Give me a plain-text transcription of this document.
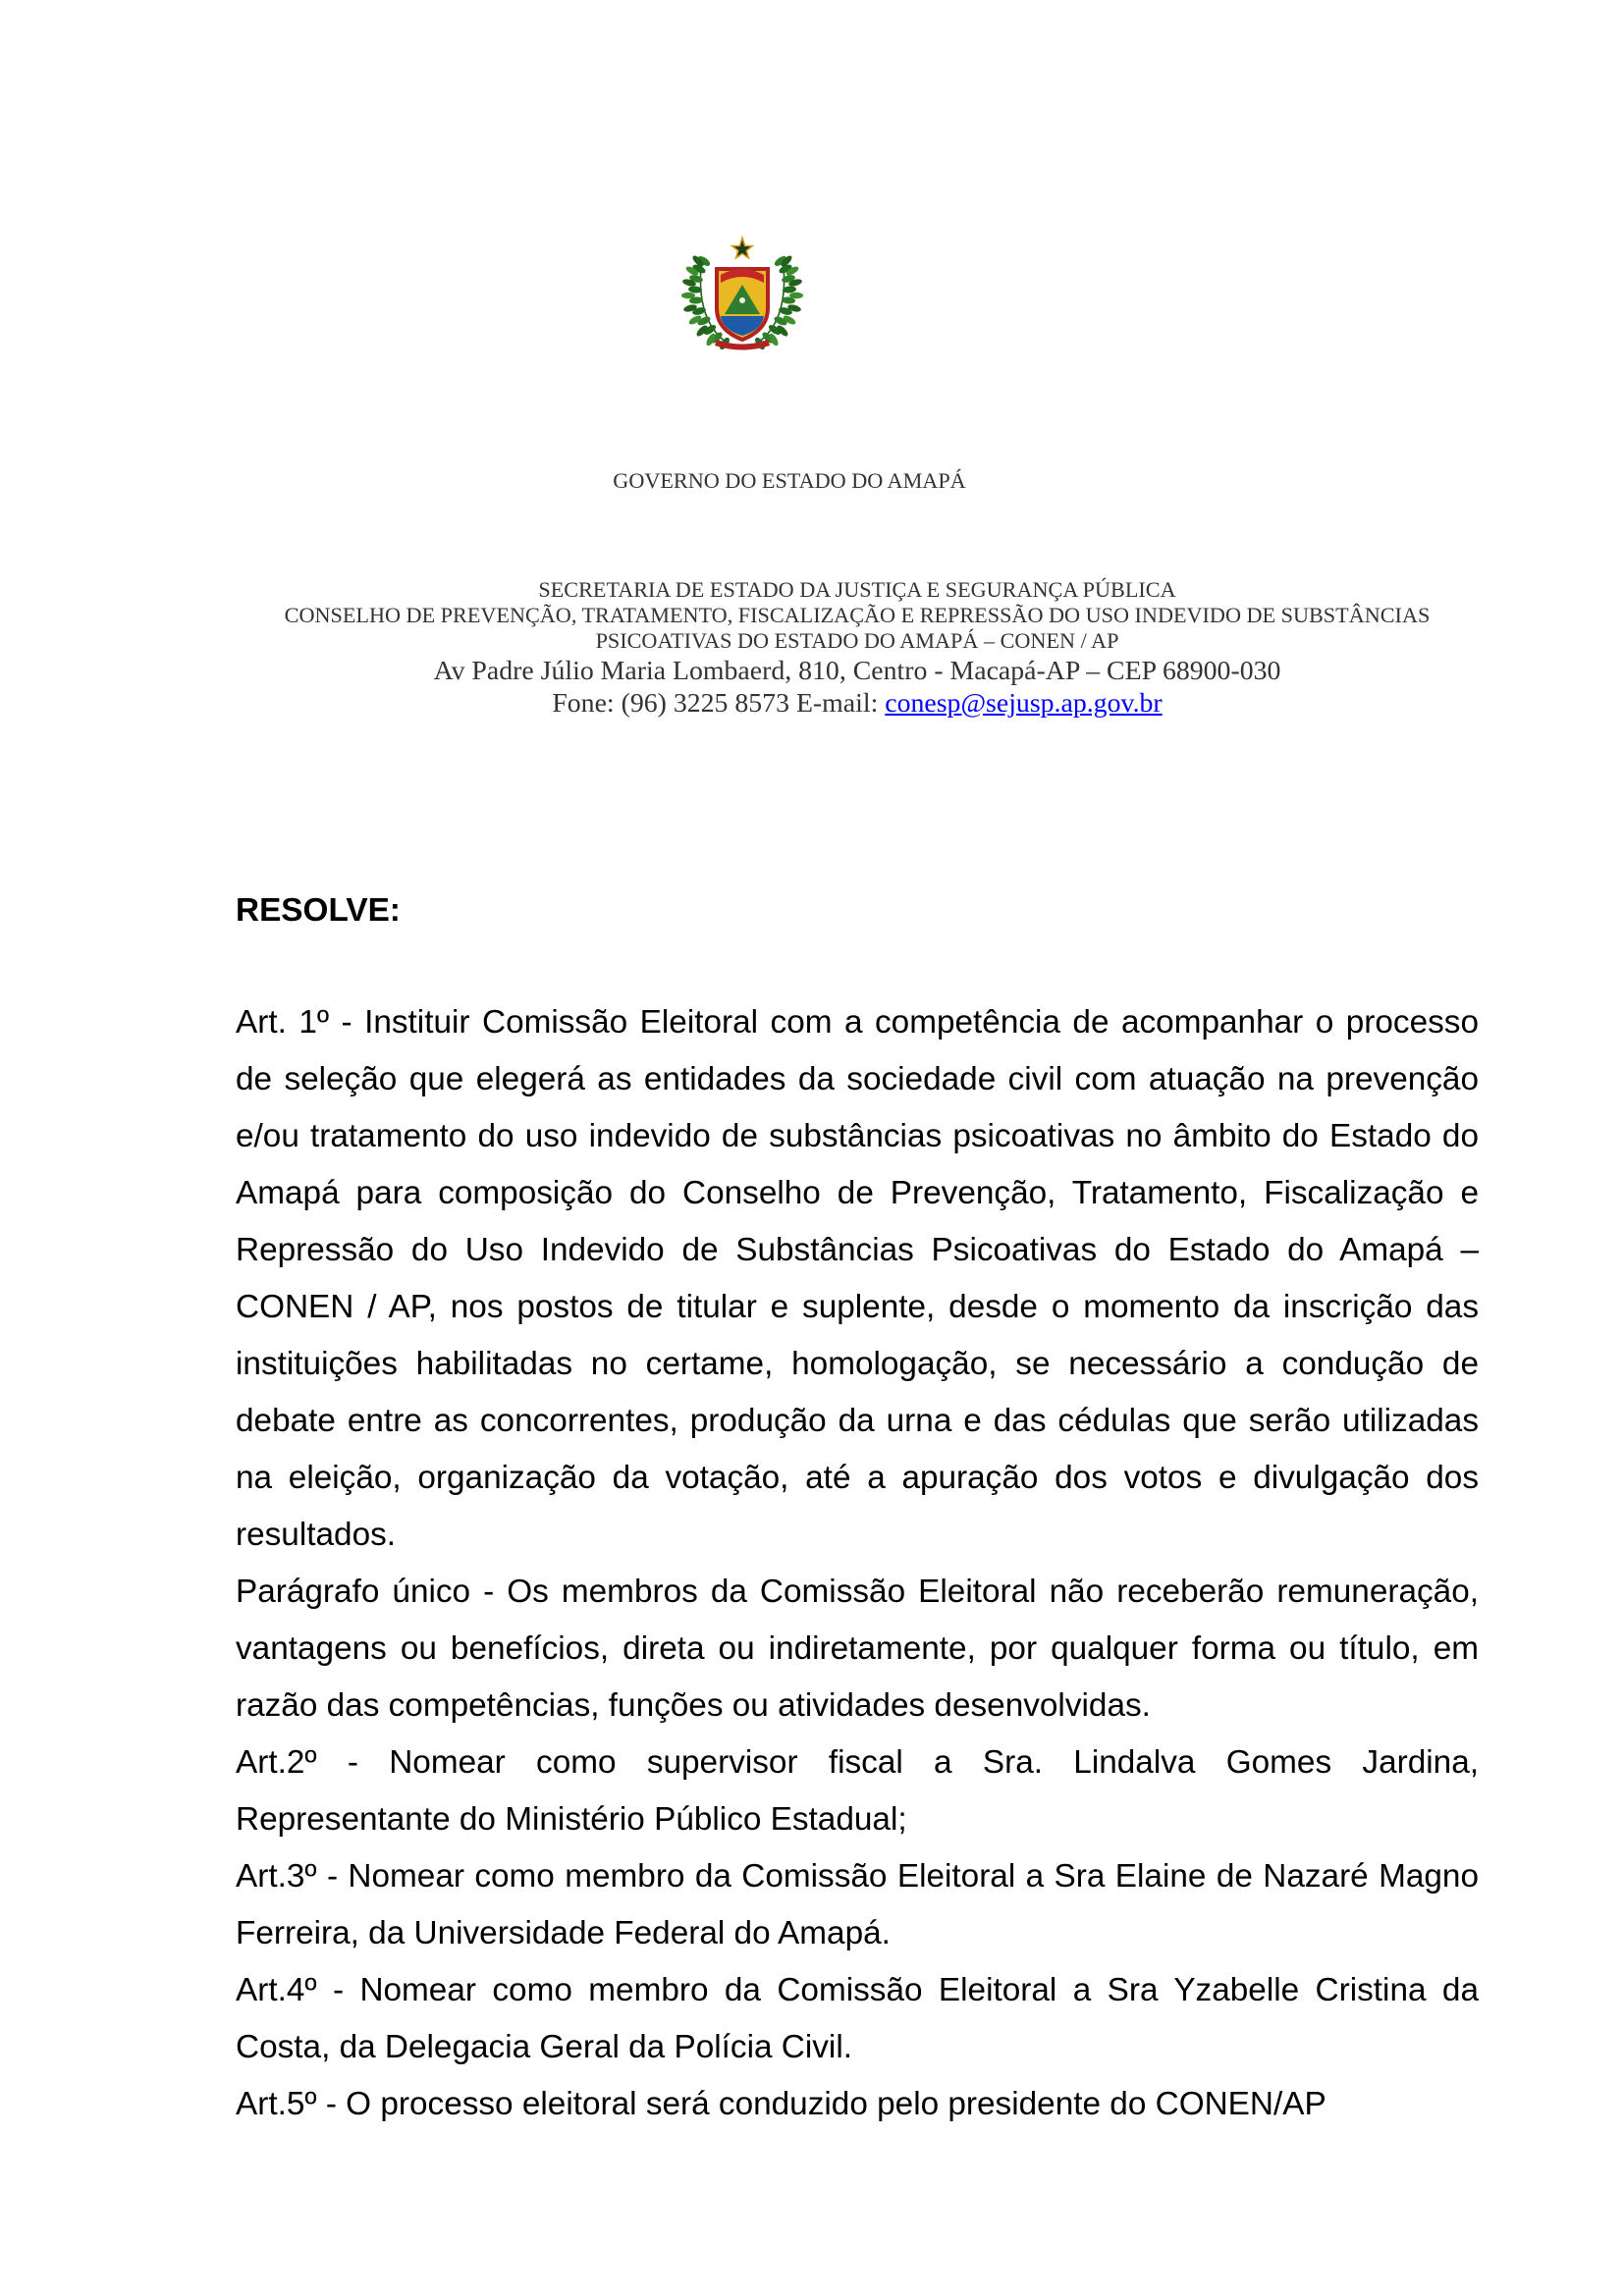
GOVERNO DO ESTADO DO AMAPÁ
SECRETARIA DE ESTADO DA JUSTIÇA E SEGURANÇA PÚBLICA
CONSELHO DE PREVENÇÃO, TRATAMENTO, FISCALIZAÇÃO E REPRESSÃO DO USO INDEVIDO DE SUBSTÂNCIAS
PSICOATIVAS DO ESTADO DO AMAPÁ – CONEN / AP
Av Padre Júlio Maria Lombaerd, 810, Centro - Macapá-AP – CEP 68900-030
Fone: (96) 3225 8573 E-mail: conesp@sejusp.ap.gov.br
RESOLVE:
Art. 1º - Instituir Comissão Eleitoral com a competência de acompanhar o processo
de seleção que elegerá as entidades da sociedade civil com atuação na prevenção
e/ou tratamento do uso indevido de substâncias psicoativas no âmbito do Estado do
Amapá para composição do Conselho de Prevenção, Tratamento, Fiscalização e
Repressão do Uso Indevido de Substâncias Psicoativas do Estado do Amapá –
CONEN / AP, nos postos de titular e suplente, desde o momento da inscrição das
instituições habilitadas no certame, homologação, se necessário a condução de
debate entre as concorrentes, produção da urna e das cédulas que serão utilizadas
na eleição, organização da votação, até a apuração dos votos e divulgação dos
resultados.
Parágrafo único - Os membros da Comissão Eleitoral não receberão remuneração,
vantagens ou benefícios, direta ou indiretamente, por qualquer forma ou título, em
razão das competências, funções ou atividades desenvolvidas.
Art.2º - Nomear como supervisor fiscal a Sra. Lindalva Gomes Jardina,
Representante do Ministério Público Estadual;
Art.3º - Nomear como membro da Comissão Eleitoral a Sra Elaine de Nazaré Magno
Ferreira, da Universidade Federal do Amapá.
Art.4º - Nomear como membro da Comissão Eleitoral a Sra Yzabelle Cristina da
Costa, da Delegacia Geral da Polícia Civil.
Art.5º - O processo eleitoral será conduzido pelo presidente do CONEN/AP
